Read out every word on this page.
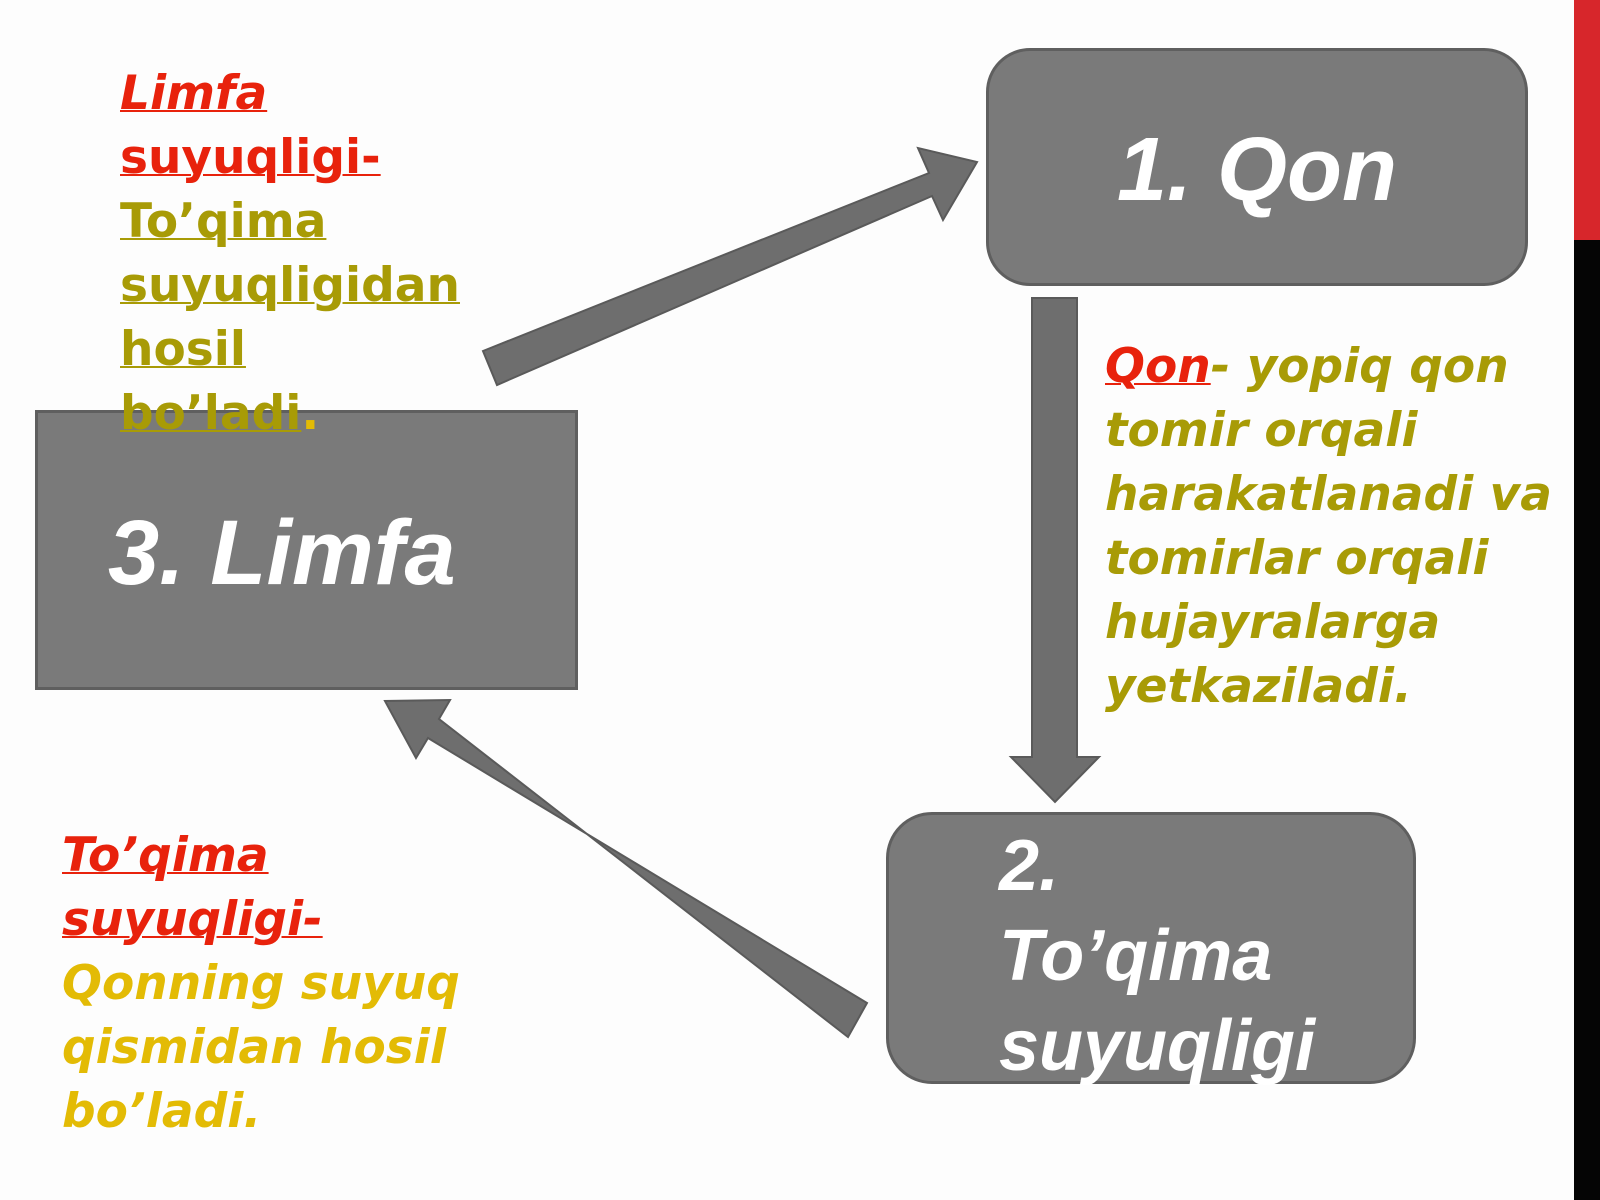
1. Qon
3. Limfa
2.
To’qima
suyuqligi
Limfa
suyuqligi-
To’qima suyuqligidan hosil bo’ladi.
Qon- yopiq qon tomir orqali harakatlanadi va tomirlar orqali hujayralarga yetkaziladi.
To’qima suyuqligi-
Qonning suyuq qismidan hosil bo’ladi.
